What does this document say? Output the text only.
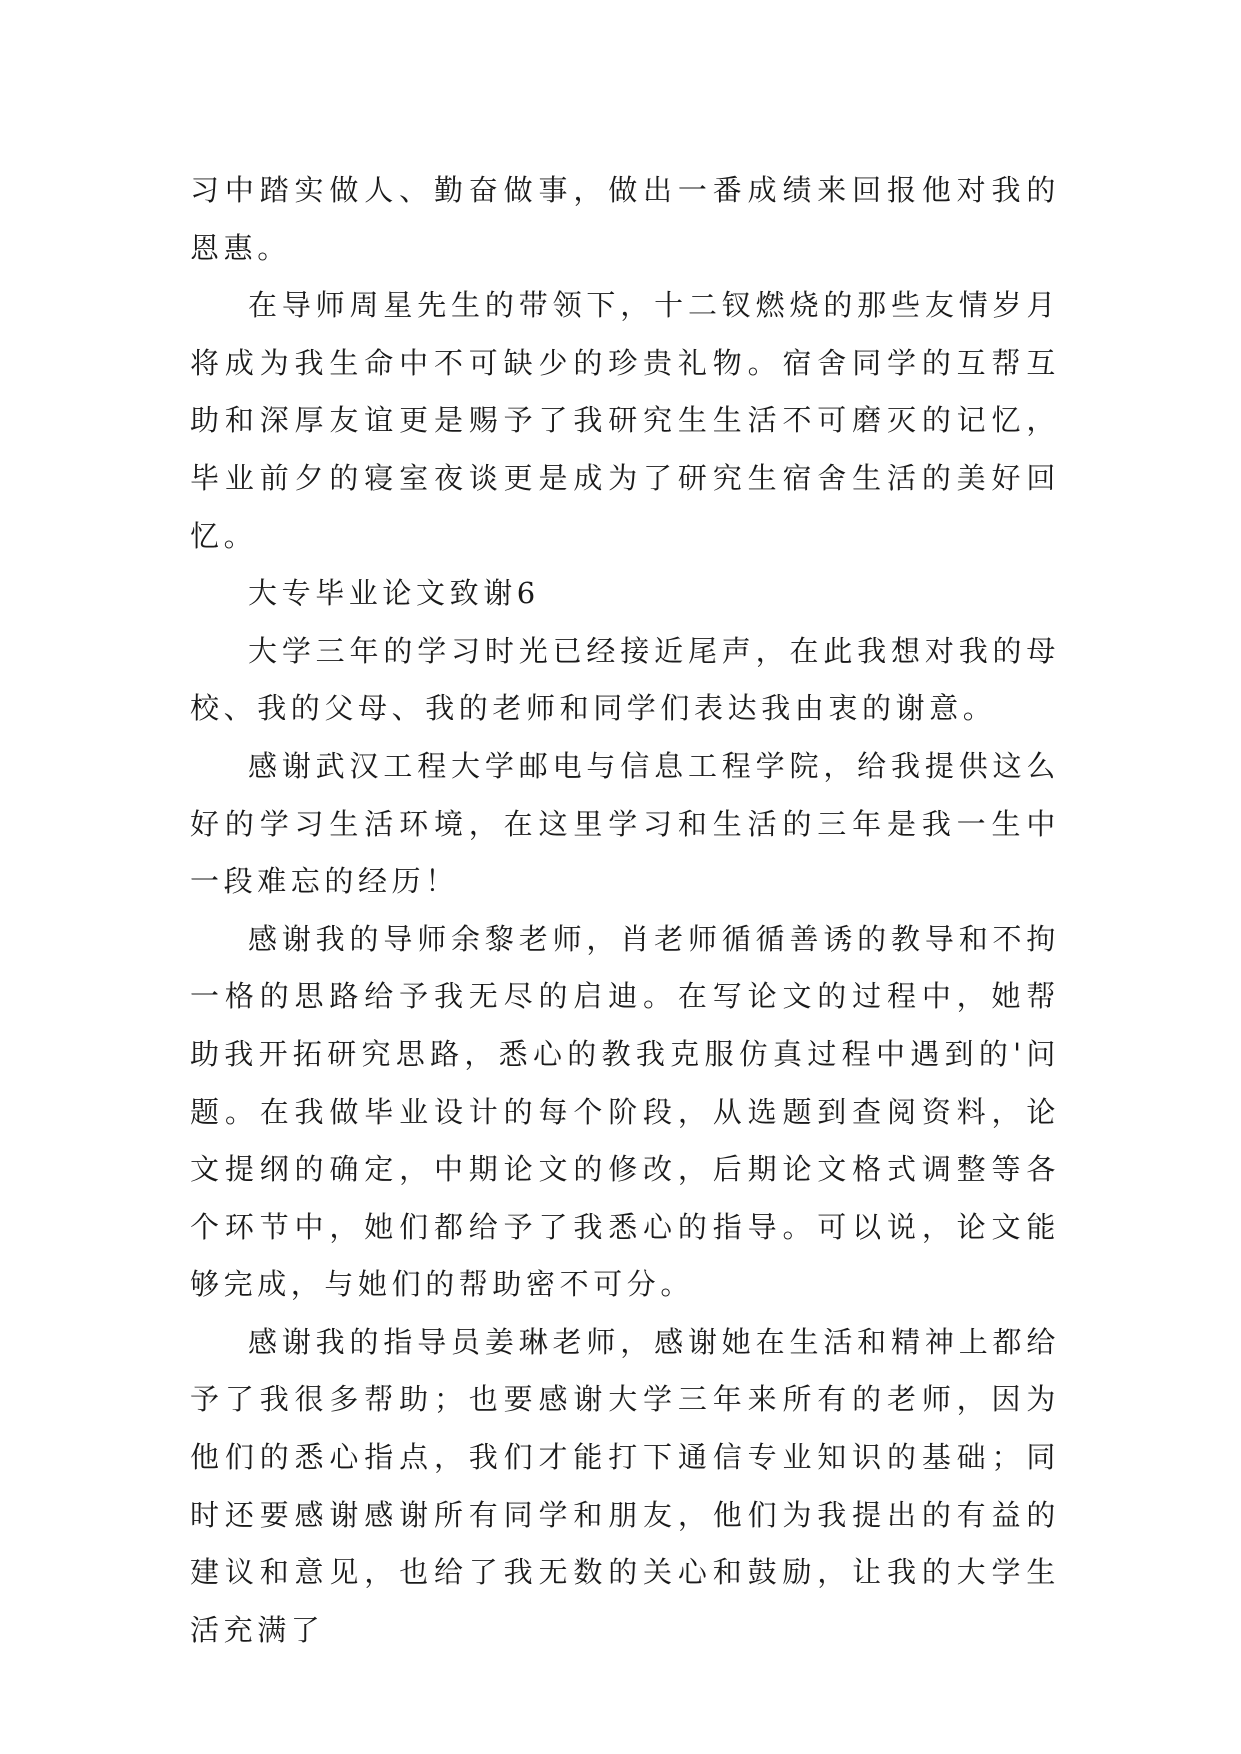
习中踏实做人、勤奋做事，做出一番成绩来回报他对我的恩惠。

在导师周星先生的带领下，十二钗燃烧的那些友情岁月将成为我生命中不可缺少的珍贵礼物。宿舍同学的互帮互助和深厚友谊更是赐予了我研究生生活不可磨灭的记忆，毕业前夕的寝室夜谈更是成为了研究生宿舍生活的美好回忆。

大专毕业论文致谢6

大学三年的学习时光已经接近尾声，在此我想对我的母校、我的父母、我的老师和同学们表达我由衷的谢意。

感谢武汉工程大学邮电与信息工程学院，给我提供这么好的学习生活环境，在这里学习和生活的三年是我一生中一段难忘的经历！

感谢我的导师余黎老师，肖老师循循善诱的教导和不拘一格的思路给予我无尽的启迪。在写论文的过程中，她帮助我开拓研究思路，悉心的教我克服仿真过程中遇到的'问题。在我做毕业设计的每个阶段，从选题到查阅资料，论文提纲的确定，中期论文的修改，后期论文格式调整等各个环节中，她们都给予了我悉心的指导。可以说，论文能够完成，与她们的帮助密不可分。

感谢我的指导员姜琳老师，感谢她在生活和精神上都给予了我很多帮助；也要感谢大学三年来所有的老师，因为他们的悉心指点，我们才能打下通信专业知识的基础；同时还要感谢感谢所有同学和朋友，他们为我提出的有益的建议和意见，也给了我无数的关心和鼓励，让我的大学生活充满了
